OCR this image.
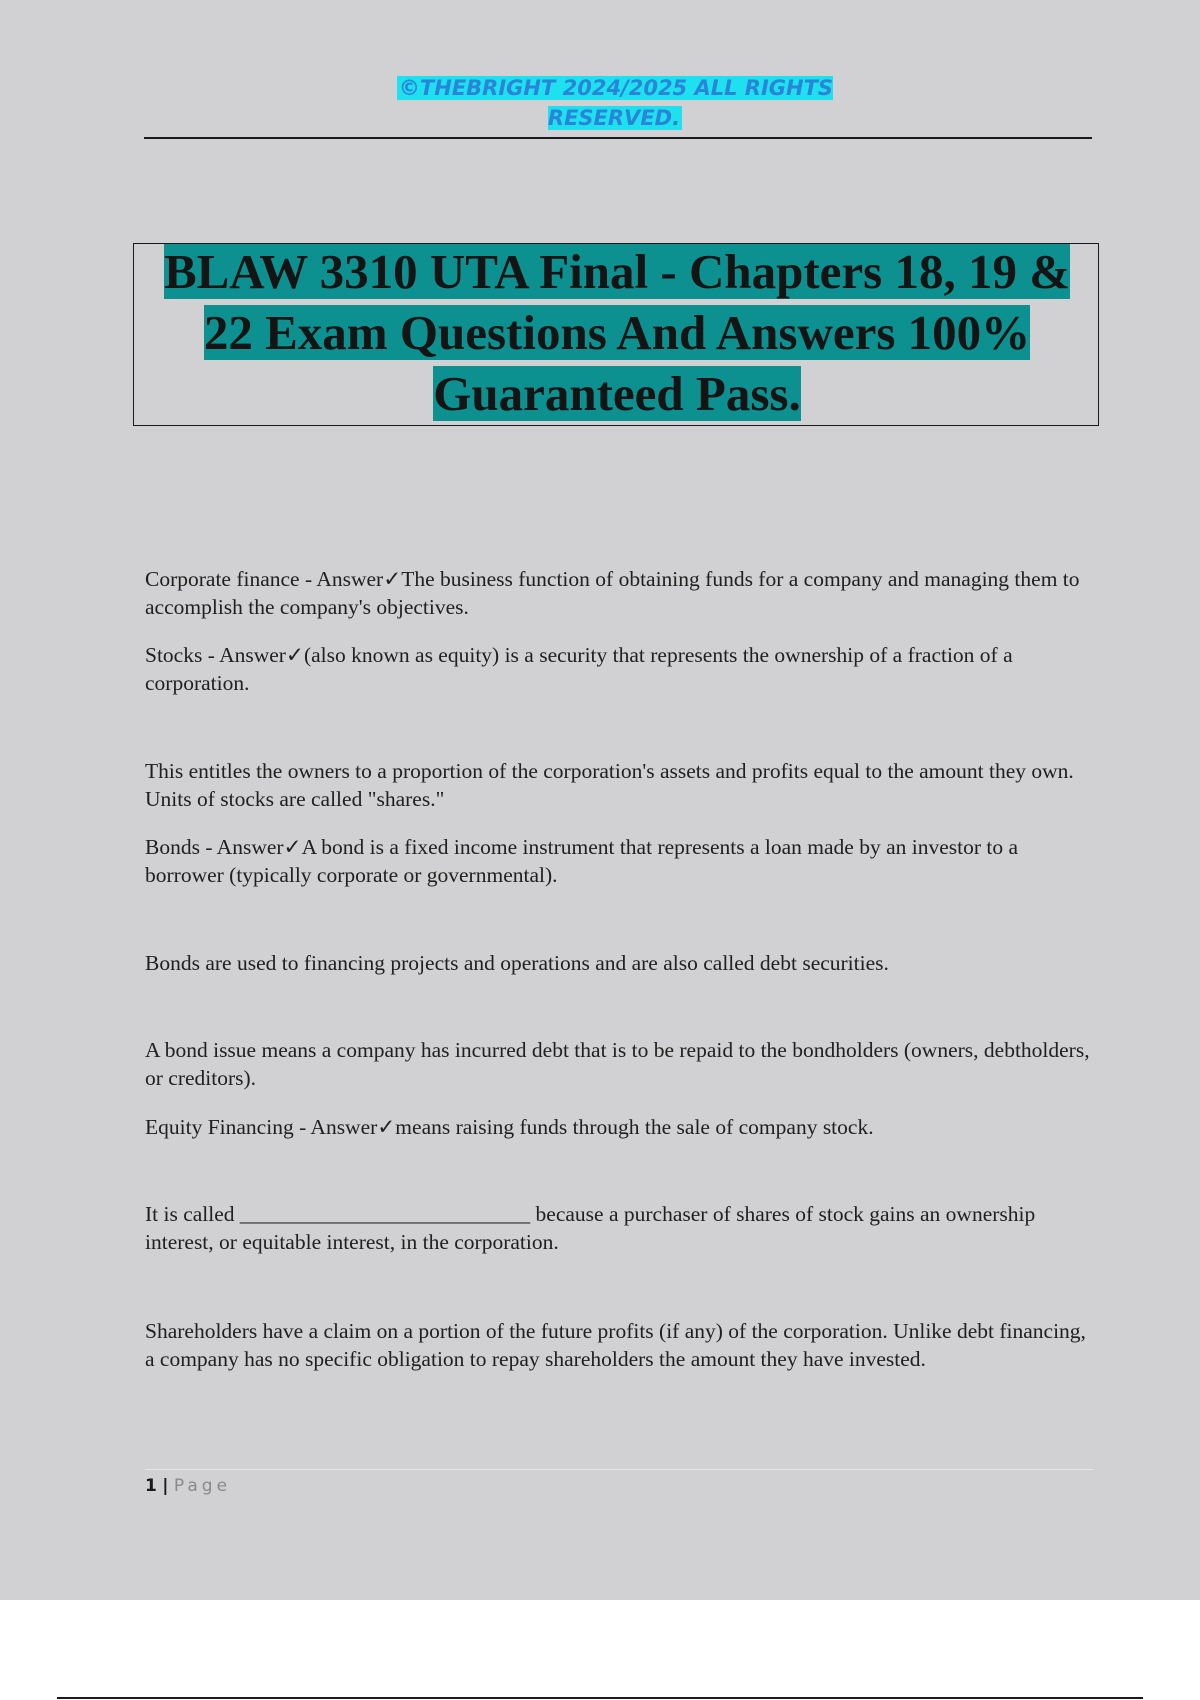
©THEBRIGHT 2024/2025 ALL RIGHTS RESERVED.
BLAW 3310 UTA Final - Chapters 18, 19 & 22 Exam Questions And Answers 100% Guaranteed Pass.

Corporate finance - Answer✓The business function of obtaining funds for a company and managing them to accomplish the company's objectives.

Stocks - Answer✓(also known as equity) is a security that represents the ownership of a fraction of a corporation.

This entitles the owners to a proportion of the corporation's assets and profits equal to the amount they own. Units of stocks are called "shares."

Bonds - Answer✓A bond is a fixed income instrument that represents a loan made by an investor to a borrower (typically corporate or governmental).

Bonds are used to financing projects and operations and are also called debt securities.

A bond issue means a company has incurred debt that is to be repaid to the bondholders (owners, debtholders, or creditors).

Equity Financing - Answer✓means raising funds through the sale of company stock.

It is called ___________________________ because a purchaser of shares of stock gains an ownership interest, or equitable interest, in the corporation.

Shareholders have a claim on a portion of the future profits (if any) of the corporation. Unlike debt financing, a company has no specific obligation to repay shareholders the amount they have invested.

1 | Page
